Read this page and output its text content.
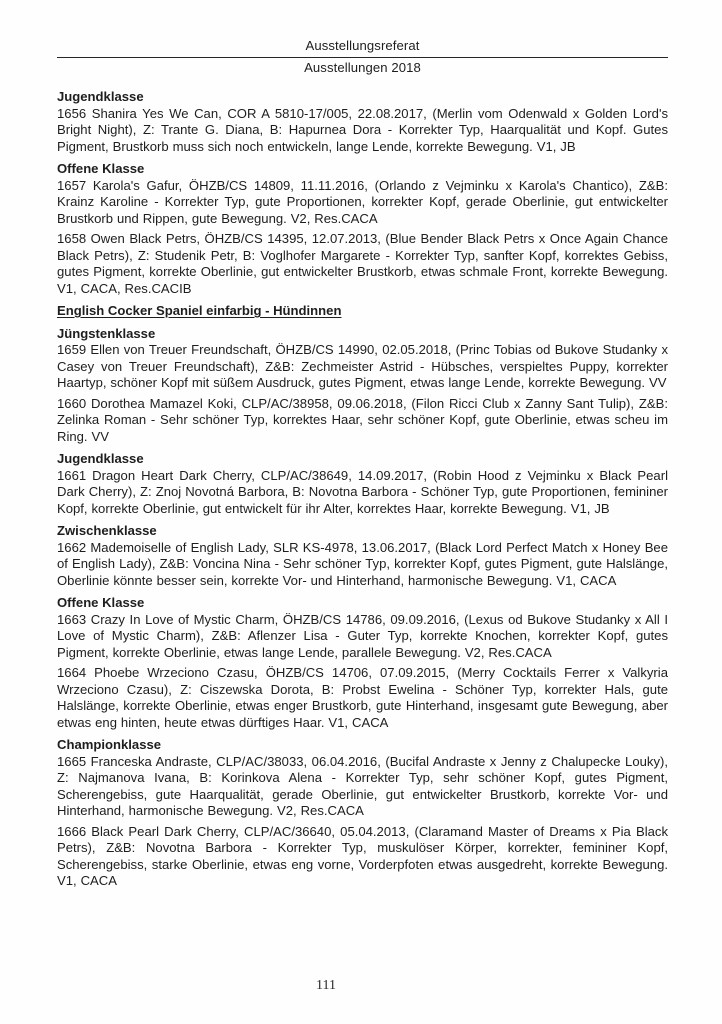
Ausstellungsreferat
Ausstellungen 2018
Jugendklasse
1656 Shanira Yes We Can, COR A 5810-17/005, 22.08.2017, (Merlin vom Odenwald x Golden Lord's Bright Night), Z: Trante G. Diana, B: Hapurnea Dora - Korrekter Typ, Haarqualität und Kopf. Gutes Pigment, Brustkorb muss sich noch entwickeln, lange Lende, korrekte Bewegung. V1, JB
Offene Klasse
1657 Karola's Gafur, ÖHZB/CS 14809, 11.11.2016, (Orlando z Vejminku x Karola's Chantico), Z&B: Krainz Karoline - Korrekter Typ, gute Proportionen, korrekter Kopf, gerade Oberlinie, gut entwickelter Brustkorb und Rippen, gute Bewegung. V2, Res.CACA
1658 Owen Black Petrs, ÖHZB/CS 14395, 12.07.2013, (Blue Bender Black Petrs x Once Again Chance Black Petrs), Z: Studenik Petr, B: Voglhofer Margarete - Korrekter Typ, sanfter Kopf, korrektes Gebiss, gutes Pigment, korrekte Oberlinie, gut entwickelter Brustkorb, etwas schmale Front, korrekte Bewegung. V1, CACA, Res.CACIB
English Cocker Spaniel einfarbig - Hündinnen
Jüngstenklasse
1659 Ellen von Treuer Freundschaft, ÖHZB/CS 14990, 02.05.2018, (Princ Tobias od Bukove Studanky x Casey von Treuer Freundschaft), Z&B: Zechmeister Astrid - Hübsches, verspieltes Puppy, korrekter Haartyp, schöner Kopf mit süßem Ausdruck, gutes Pigment, etwas lange Lende, korrekte Bewegung. VV
1660 Dorothea Mamazel Koki, CLP/AC/38958, 09.06.2018, (Filon Ricci Club x Zanny Sant Tulip), Z&B: Zelinka Roman - Sehr schöner Typ, korrektes Haar, sehr schöner Kopf, gute Oberlinie, etwas scheu im Ring. VV
Jugendklasse
1661 Dragon Heart Dark Cherry, CLP/AC/38649, 14.09.2017, (Robin Hood z Vejminku x Black Pearl Dark Cherry), Z: Znoj Novotná Barbora, B: Novotna Barbora - Schöner Typ, gute Proportionen, femininer Kopf, korrekte Oberlinie, gut entwickelt für ihr Alter, korrektes Haar, korrekte Bewegung. V1, JB
Zwischenklasse
1662 Mademoiselle of English Lady, SLR KS-4978, 13.06.2017, (Black Lord Perfect Match x Honey Bee of English Lady), Z&B: Voncina Nina - Sehr schöner Typ, korrekter Kopf, gutes Pigment, gute Halslänge, Oberlinie könnte besser sein, korrekte Vor- und Hinterhand, harmonische Bewegung. V1, CACA
Offene Klasse
1663 Crazy In Love of Mystic Charm, ÖHZB/CS 14786, 09.09.2016, (Lexus od Bukove Studanky x All I Love of Mystic Charm), Z&B: Aflenzer Lisa - Guter Typ, korrekte Knochen, korrekter Kopf, gutes Pigment, korrekte Oberlinie, etwas lange Lende, parallele Bewegung. V2, Res.CACA
1664 Phoebe Wrzeciono Czasu, ÖHZB/CS 14706, 07.09.2015, (Merry Cocktails Ferrer x Valkyria Wrzeciono Czasu), Z: Ciszewska Dorota, B: Probst Ewelina - Schöner Typ, korrekter Hals, gute Halslänge, korrekte Oberlinie, etwas enger Brustkorb, gute Hinterhand, insgesamt gute Bewegung, aber etwas eng hinten, heute etwas dürftiges Haar. V1, CACA
Championklasse
1665 Franceska Andraste, CLP/AC/38033, 06.04.2016, (Bucifal Andraste x Jenny z Chalupecke Louky), Z: Najmanova Ivana, B: Korinkova Alena - Korrekter Typ, sehr schöner Kopf, gutes Pigment, Scherengebiss, gute Haarqualität, gerade Oberlinie, gut entwickelter Brustkorb, korrekte Vor- und Hinterhand, harmonische Bewegung. V2, Res.CACA
1666 Black Pearl Dark Cherry, CLP/AC/36640, 05.04.2013, (Claramand Master of Dreams x Pia Black Petrs), Z&B: Novotna Barbora - Korrekter Typ, muskulöser Körper, korrekter, femininer Kopf, Scherengebiss, starke Oberlinie, etwas eng vorne, Vorderpfoten etwas ausgedreht, korrekte Bewegung. V1, CACA
111
